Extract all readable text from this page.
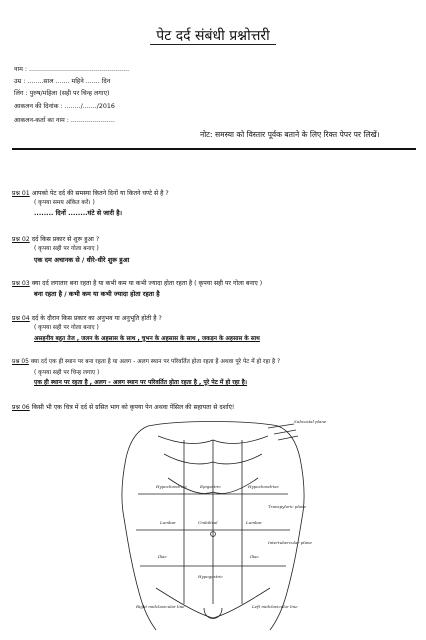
पेट दर्द संबंधी प्रश्नोत्तरी
नाम : ..................................................
उम्र : ........साल ....... महिने ....... दिन
लिंग : पुरुष/महिला (सही पर चिन्ह लगाए)
आकलन की दिनांक : ......../......./2016
आकलन-कर्ता का नाम : ......................
नोट: समस्या को विस्तार पूर्वक बताने के लिए रिक्त पेपर पर लिखें।
प्रश्न 01 आपको पेट दर्द की समस्या कितने दिनों या कितने घण्टे से है ?
( कृपया समय अंकित करें। )
........ दिनों ........घंटे से जारी है।
प्रश्न 02 दर्द किस प्रकार से शुरू हुआ ?
( कृपया सही पर गोला बनाए )
एक दम अचानक से / धीरे-धीरे शुरू हुआ
प्रश्न 03 क्या दर्द लगातार बना रहता है या कभी कम या कभी ज्यादा होता रहता है ( कृपया सही पर गोला बनाए )
बना रहता है / कभी कम या कभी ज्यादा होता रहता है
प्रश्न 04 दर्द के दौरान किस प्रकार का अनुभव या अनुभूति होती है ?
( कृपया सही पर गोला बनाए )
असहनीय बहुत तेज , जलन के अहसास के साथ , चुभन के अहसास के साथ , जकड़न के अहसास के साथ
प्रश्न 05 क्या दर्द एक ही स्थान पर बना रहता है या अलग - अलग स्थान पर परिवर्तित होता रहता है अथवा पूरे पेट में हो रहा है ?
( कृपया सही पर चिन्ह लगाए )
एक ही स्थान पर रहता है , अलग - अलग स्थान पर परिवर्तित होता रहता है , पूरे पेट में हो रहा है।
प्रश्न 06 किसी भी एक चित्र में दर्द से ग्रसित भाग को कृपया पेन अथवा पेंसिल की सहायता से दर्शाएं!
Subcostal plane
Transpyloric plane
Intertubercular plane
Umbilical
Lumbar	Lumbar
Iliac	Iliac
Hypogastric
Hypochondriac	Hypochondriac
Epigastric
Left midclavicular line
Right midclavicular line
